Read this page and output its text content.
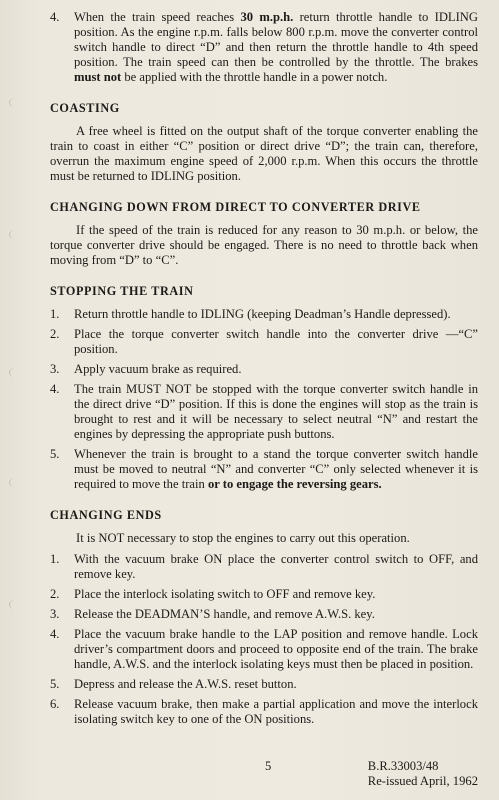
4. When the train speed reaches 30 m.p.h. return throttle handle to IDLING position. As the engine r.p.m. falls below 800 r.p.m. move the converter control switch handle to direct “D” and then return the throttle handle to 4th speed position. The train speed can then be controlled by the throttle. The brakes must not be applied with the throttle handle in a power notch.
COASTING

A free wheel is fitted on the output shaft of the torque converter enabling the train to coast in either “C” position or direct drive “D”; the train can, therefore, overrun the maximum engine speed of 2,000 r.p.m. When this occurs the throttle must be returned to IDLING position.

CHANGING DOWN FROM DIRECT TO CONVERTER DRIVE

If the speed of the train is reduced for any reason to 30 m.p.h. or below, the torque converter drive should be engaged. There is no need to throttle back when moving from “D” to “C”.

STOPPING THE TRAIN
1. Return throttle handle to IDLING (keeping Deadman’s Handle depressed).
2. Place the torque converter switch handle into the converter drive —“C” position.
3. Apply vacuum brake as required.
4. The train MUST NOT be stopped with the torque converter switch handle in the direct drive “D” position. If this is done the engines will stop as the train is brought to rest and it will be necessary to select neutral “N” and restart the engines by depressing the appropriate push buttons.
5. Whenever the train is brought to a stand the torque converter switch handle must be moved to neutral “N” and converter “C” only selected whenever it is required to move the train or to engage the reversing gears.
CHANGING ENDS

It is NOT necessary to stop the engines to carry out this operation.

1. With the vacuum brake ON place the converter control switch to OFF, and remove key.
2. Place the interlock isolating switch to OFF and remove key.
3. Release the DEADMAN’S handle, and remove A.W.S. key.
4. Place the vacuum brake handle to the LAP position and remove handle. Lock driver’s compartment doors and proceed to opposite end of the train. The brake handle, A.W.S. and the interlock isolating keys must then be placed in position.
5. Depress and release the A.W.S. reset button.
6. Release vacuum brake, then make a partial application and move the interlock isolating switch key to one of the ON positions.
5	B.R.33003/48
Re-issued April, 1962
